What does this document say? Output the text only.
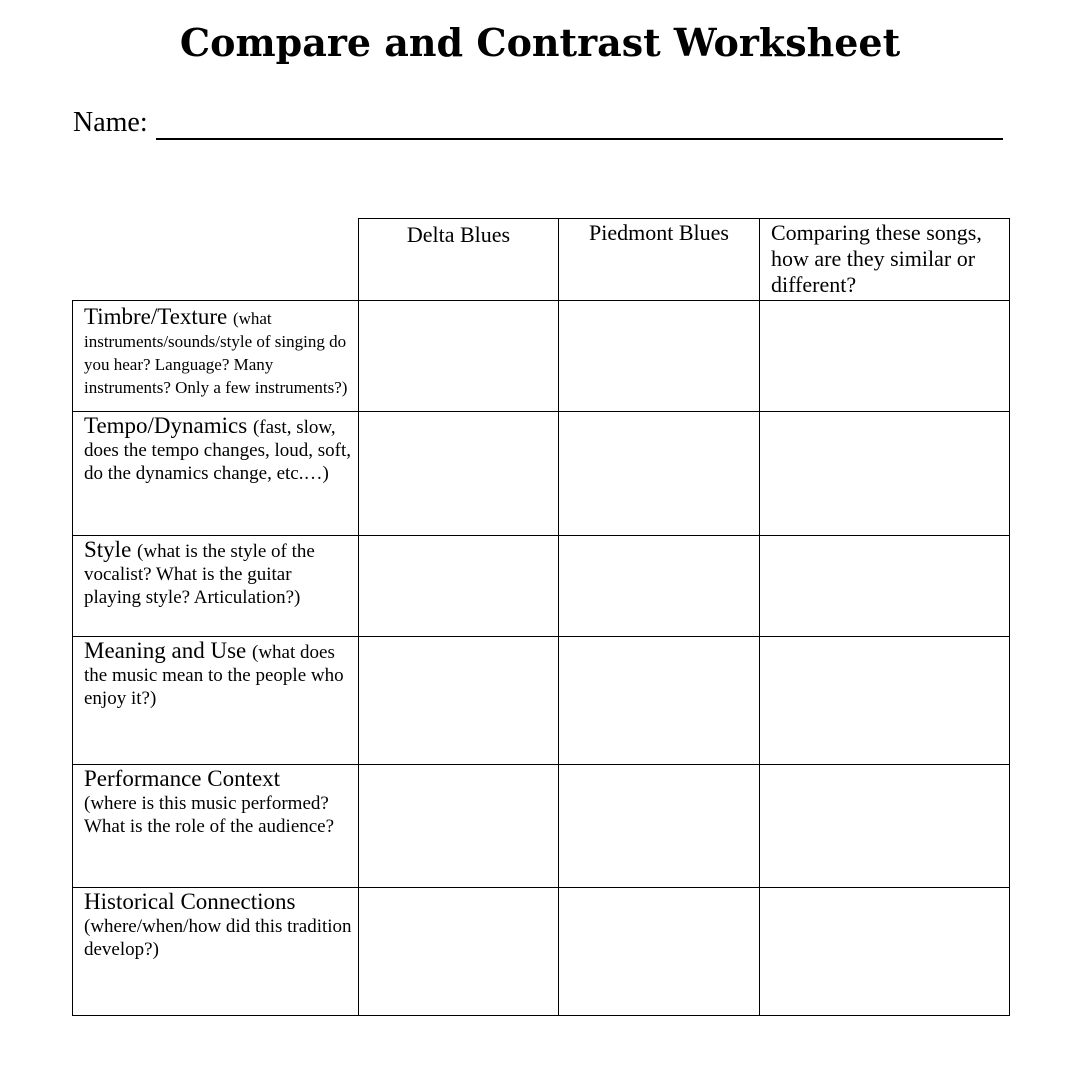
Compare and Contrast Worksheet
Name:
Delta Blues	Piedmont Blues	Comparing these songs, how are they similar or different?
Timbre/Texture (what instruments/sounds/style of singing do you hear? Language? Many instruments? Only a few instruments?)
Tempo/Dynamics (fast, slow, does the tempo changes, loud, soft, do the dynamics change, etc.…)
Style (what is the style of the vocalist? What is the guitar playing style? Articulation?)
Meaning and Use (what does the music mean to the people who enjoy it?)
Performance Context
(where is this music performed? What is the role of the audience?
Historical Connections
(where/when/how did this tradition develop?)
